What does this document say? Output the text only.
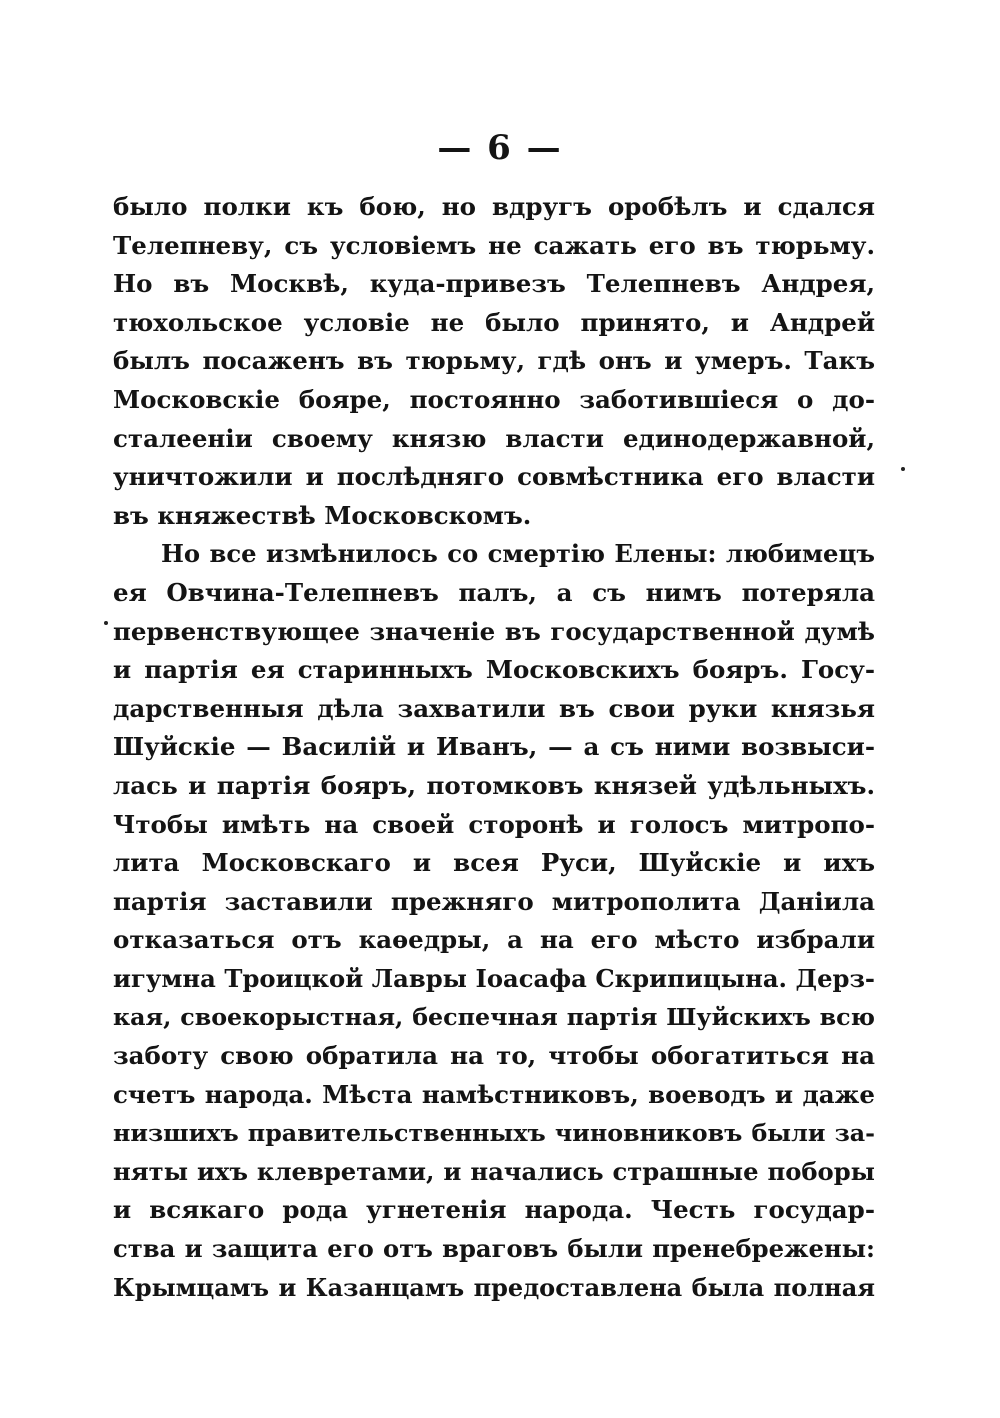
— 6 —
было полки къ бою, но вдругъ оробѣлъ и сдался
Телепневу, съ условіемъ не сажать его въ тюрьму.
Но въ Москвѣ, куда-привезъ Телепневъ Андрея,
тюхольское условіе не было принято, и Андрей
былъ посаженъ въ тюрьму, гдѣ онъ и умеръ. Такъ
Московскіе бояре, постоянно заботившіеся о до-
сталееніи своему князю власти единодержавной,
уничтожили и послѣдняго совмѣстника его власти
въ княжествѣ Московскомъ.
Но все измѣнилось со смертію Елены: любимецъ
ея Овчина-Телепневъ палъ, а съ нимъ потеряла
первенствующее значеніе въ государственной думѣ
и партія ея старинныхъ Московскихъ бояръ. Госу-
дарственныя дѣла захватили въ свои руки князья
Шуйскіе — Василій и Иванъ, — а съ ними возвыси-
лась и партія бояръ, потомковъ князей удѣльныхъ.
Чтобы имѣть на своей сторонѣ и голосъ митропо-
лита Московскаго и всея Руси, Шуйскіе и ихъ
партія заставили прежняго митрополита Даніила
отказаться отъ каѳедры, а на его мѣсто избрали
игумна Троицкой Лавры Іоасафа Скрипицына. Дерз-
кая, своекорыстная, беспечная партія Шуйскихъ всю
заботу свою обратила на то, чтобы обогатиться на
счетъ народа. Мѣста намѣстниковъ, воеводъ и даже
низшихъ правительственныхъ чиновниковъ были за-
няты ихъ клевретами, и начались страшные поборы
и всякаго рода угнетенія народа. Честь государ-
ства и защита его отъ враговъ были пренебрежены:
Крымцамъ и Казанцамъ предоставлена была полная
